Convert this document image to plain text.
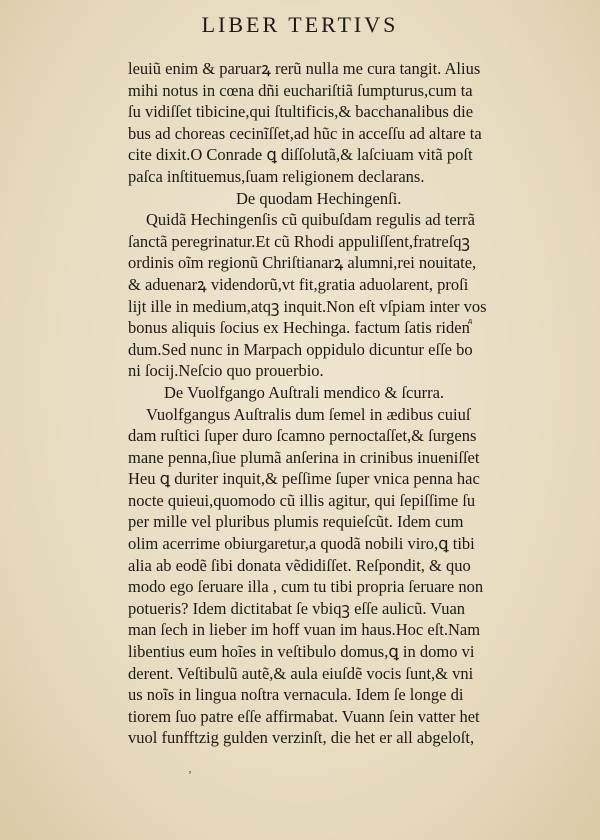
LIBER TERTIVS
leuiũ enim & paruarꝝ rerũ nulla me cura tangit. Alius
mihi notus in cœna dñi euchariſtiã ſumpturus,cum ta
ſu vidiſſet tibicine,qui ſtultificis,& bacchanalibus die
bus ad choreas cecinĩſſet,ad hũc in acceſſu ad altare ta
cite dixit.O Conrade ꝗ diſſolutã,& laſciuam vitã poſt
paſca inſtituemus,ſuam religionem declarans.
De quodam Hechingenſi.
Quidã Hechingenſis cũ quibuſdam regulis ad terrã
ſanctã peregrinatur.Et cũ Rhodi appuliſſent,fratreſqꝫ
ordinis oĩm regionũ Chriſtianarꝝ alumni,rei nouitate,
& aduenarꝝ videndorũ,vt fit,gratia aduolarent, proſi
lijt ille in medium,atqꝫ inquit.Non eſt vſpiam inter vos
bonus aliquis ſocius ex Hechinga. factum ſatis ridenⷣ
dum.Sed nunc in Marpach oppidulo dicuntur eſſe bo
ni ſocij.Neſcio quo prouerbio.
De Vuolfgango Auſtrali mendico & ſcurra.
Vuolfgangus Auſtralis dum ſemel in ædibus cuiuſ
dam ruſtici ſuper duro ſcamno pernoctaſſet,& ſurgens
mane penna,ſiue plumã anſerina in crinibus inueniſſet
Heu ꝗ duriter inquit,& peſſime ſuper vnica penna hac
nocte quieui,quomodo cũ illis agitur, qui ſepiſſime ſu
per mille vel pluribus plumis requieſcũt. Idem cum
olim acerrime obiurgaretur,a quodã nobili viro,ꝗ tibi
alia ab eodẽ ſibi donata vẽdidiſſet. Reſpondit, & quo
modo ego ſeruare illa , cum tu tibi propria ſeruare non
potueris? Idem dictitabat ſe vbiqꝫ eſſe aulicũ. Vuan
man ſech in lieber im hoff vuan im haus.Hoc eſt.Nam
libentius eum hoĩes in veſtibulo domus,ꝗ in domo vi
derent. Veſtibulũ autẽ,& aula eiuſdẽ vocis ſunt,& vni
us noĩs in lingua noſtra vernacula. Idem ſe longe di
tiorem ſuo patre eſſe affirmabat. Vuann ſein vatter het
vuol funfftzig gulden verzinſt, die het er all abgeloſt,
ʼ
